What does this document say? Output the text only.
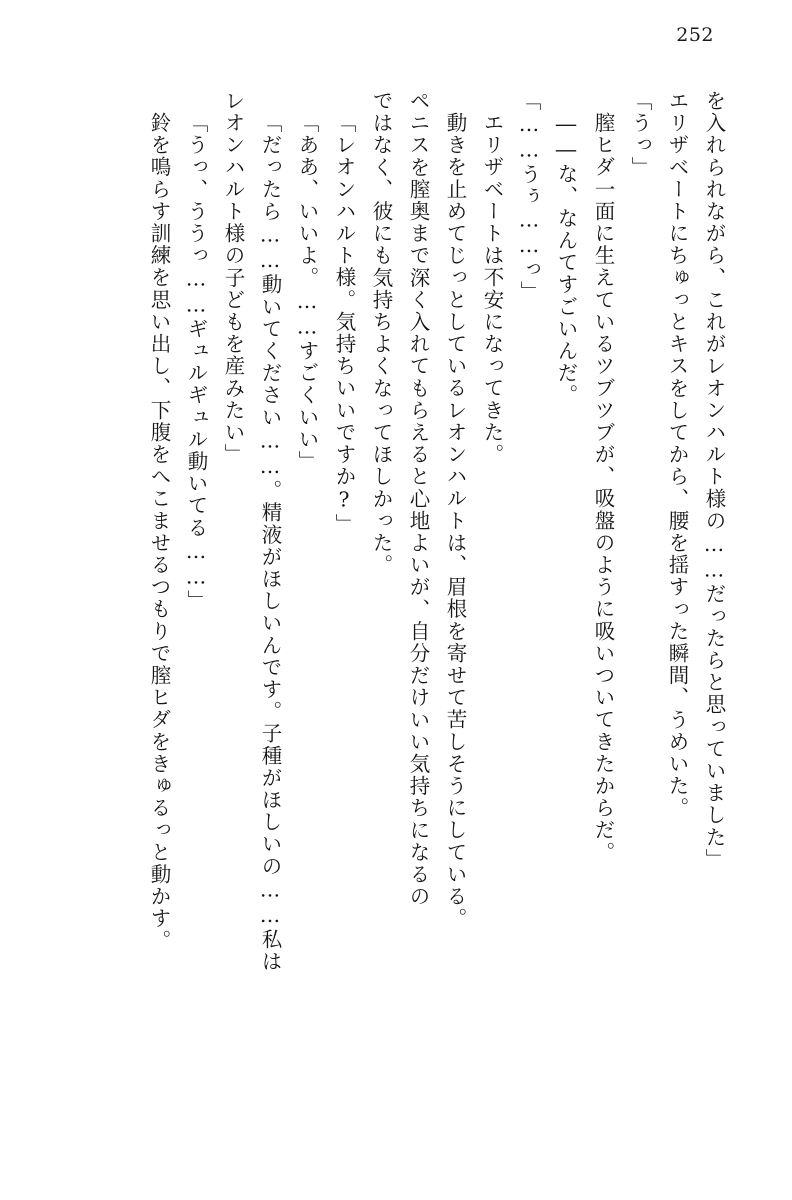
252
を入れられながら、これがレオンハルト様の……だったらと思っていました」
エリザベートにちゅっとキスをしてから、腰を揺すった瞬間、うめいた。
「うっ」
膣ヒダ一面に生えているツブツブが、吸盤のように吸いついてきたからだ。
――な、なんてすごいんだ。
「……うぅ……っ」
エリザベートは不安になってきた。
動きを止めてじっとしているレオンハルトは、眉根を寄せて苦しそうにしている。
ペニスを膣奥まで深く入れてもらえると心地よいが、自分だけいい気持ちになるの
ではなく、彼にも気持ちよくなってほしかった。
「レオンハルト様。気持ちいいですか?」
「ああ、いいよ。……すごくいい」
「だったら……動いてください……。精液がほしいんです。子種がほしいの……私は
レオンハルト様の子どもを産みたい」
「うっ、ううっ……ギュルギュル動いてる……」
鈴を鳴らす訓練を思い出し、下腹をへこませるつもりで膣ヒダをきゅるっと動かす。
